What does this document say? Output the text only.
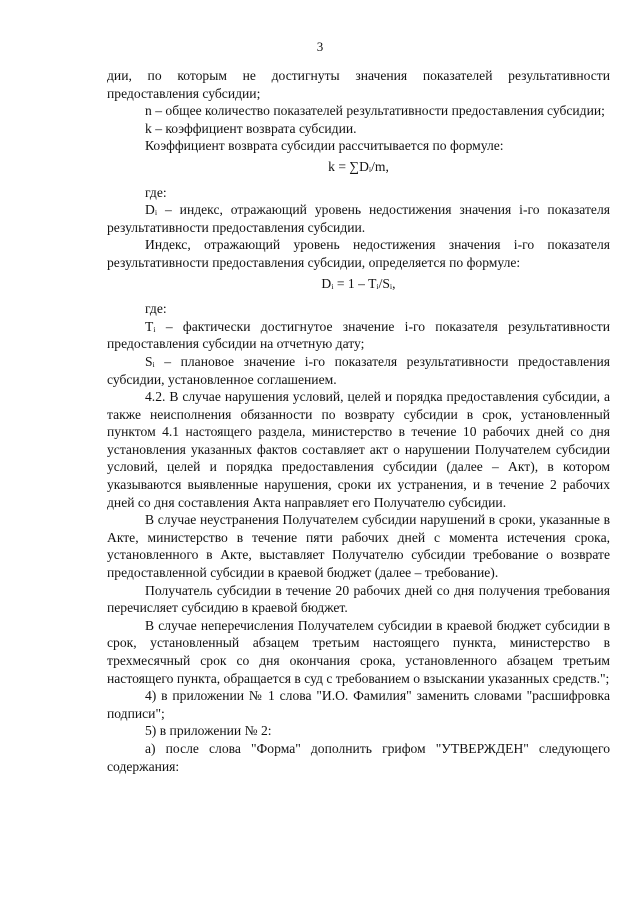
3

дии, по которым не достигнуты значения показателей результативности предоставления субсидии;

n – общее количество показателей результативности предоставления субсидии;

k – коэффициент возврата субсидии.

Коэффициент возврата субсидии рассчитывается по формуле:

k = ∑Dᵢ/m,

где:

Dᵢ – индекс, отражающий уровень недостижения значения i-го показателя результативности предоставления субсидии.

Индекс, отражающий уровень недостижения значения i-го показателя результативности предоставления субсидии, определяется по формуле:

Dᵢ = 1 – Tᵢ/Sᵢ,

где:

Tᵢ – фактически достигнутое значение i-го показателя результативности предоставления субсидии на отчетную дату;

Sᵢ – плановое значение i-го показателя результативности предоставления субсидии, установленное соглашением.

4.2. В случае нарушения условий, целей и порядка предоставления субсидии, а также неисполнения обязанности по возврату субсидии в срок, установленный пунктом 4.1 настоящего раздела, министерство в течение 10 рабочих дней со дня установления указанных фактов составляет акт о нарушении Получателем субсидии условий, целей и порядка предоставления субсидии (далее – Акт), в котором указываются выявленные нарушения, сроки их устранения, и в течение 2 рабочих дней со дня составления Акта направляет его Получателю субсидии.

В случае неустранения Получателем субсидии нарушений в сроки, указанные в Акте, министерство в течение пяти рабочих дней с момента истечения срока, установленного в Акте, выставляет Получателю субсидии требование о возврате предоставленной субсидии в краевой бюджет (далее – требование).

Получатель субсидии в течение 20 рабочих дней со дня получения требования перечисляет субсидию в краевой бюджет.

В случае неперечисления Получателем субсидии в краевой бюджет субсидии в срок, установленный абзацем третьим настоящего пункта, министерство в трехмесячный срок со дня окончания срока, установленного абзацем третьим настоящего пункта, обращается в суд с требованием о взыскании указанных средств.";

4) в приложении № 1 слова "И.О. Фамилия" заменить словами "расшифровка подписи";

5) в приложении № 2:

а) после слова "Форма" дополнить грифом "УТВЕРЖДЕН" следующего содержания:
